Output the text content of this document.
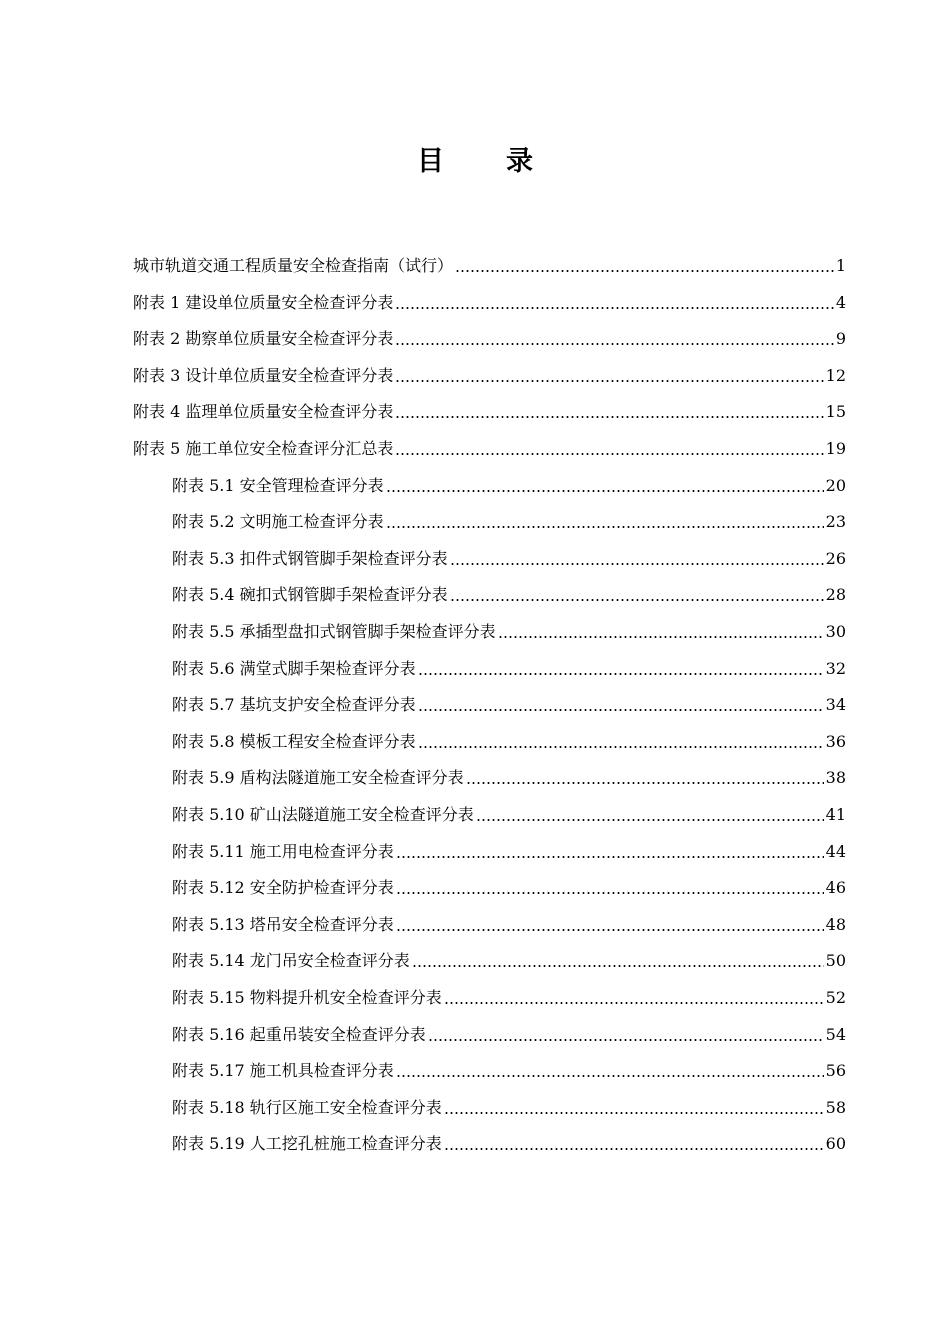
目 录
城市轨道交通工程质量安全检查指南（试行）	1
附表 1 建设单位质量安全检查评分表	4
附表 2 勘察单位质量安全检查评分表	9
附表 3 设计单位质量安全检查评分表	12
附表 4 监理单位质量安全检查评分表	15
附表 5 施工单位安全检查评分汇总表	19
附表 5.1 安全管理检查评分表	20
附表 5.2 文明施工检查评分表	23
附表 5.3 扣件式钢管脚手架检查评分表	26
附表 5.4 碗扣式钢管脚手架检查评分表	28
附表 5.5 承插型盘扣式钢管脚手架检查评分表	30
附表 5.6 满堂式脚手架检查评分表	32
附表 5.7 基坑支护安全检查评分表	34
附表 5.8 模板工程安全检查评分表	36
附表 5.9 盾构法隧道施工安全检查评分表	38
附表 5.10 矿山法隧道施工安全检查评分表	41
附表 5.11 施工用电检查评分表	44
附表 5.12 安全防护检查评分表	46
附表 5.13 塔吊安全检查评分表	48
附表 5.14 龙门吊安全检查评分表	50
附表 5.15 物料提升机安全检查评分表	52
附表 5.16 起重吊装安全检查评分表	54
附表 5.17 施工机具检查评分表	56
附表 5.18 轨行区施工安全检查评分表	58
附表 5.19 人工挖孔桩施工检查评分表	60
